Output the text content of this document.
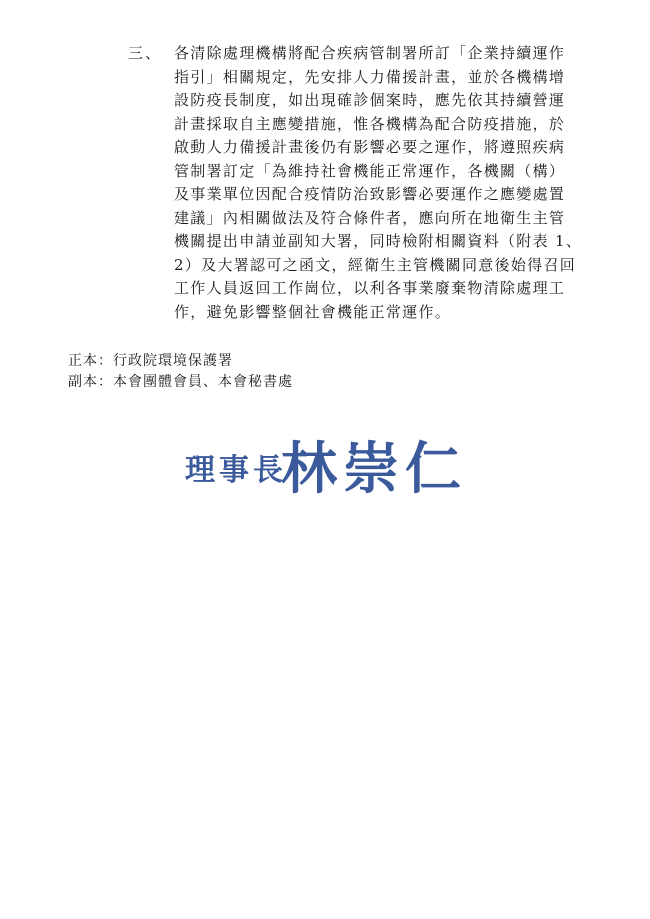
三、 各清除處理機構將配合疾病管制署所訂「企業持續運作
指引」相關規定，先安排人力備援計畫，並於各機構增
設防疫長制度，如出現確診個案時，應先依其持續營運
計畫採取自主應變措施，惟各機構為配合防疫措施，於
啟動人力備援計畫後仍有影響必要之運作，將遵照疾病
管制署訂定「為維持社會機能正常運作，各機關（構）
及事業單位因配合疫情防治致影響必要運作之應變處置
建議」內相關做法及符合條件者，應向所在地衛生主管
機關提出申請並副知大署，同時檢附相關資料（附表 1、
2）及大署認可之函文，經衛生主管機關同意後始得召回
工作人員返回工作崗位，以利各事業廢棄物清除處理工
作，避免影響整個社會機能正常運作。
正本：行政院環境保護署
副本：本會團體會員、本會秘書處
理事長
林崇仁
